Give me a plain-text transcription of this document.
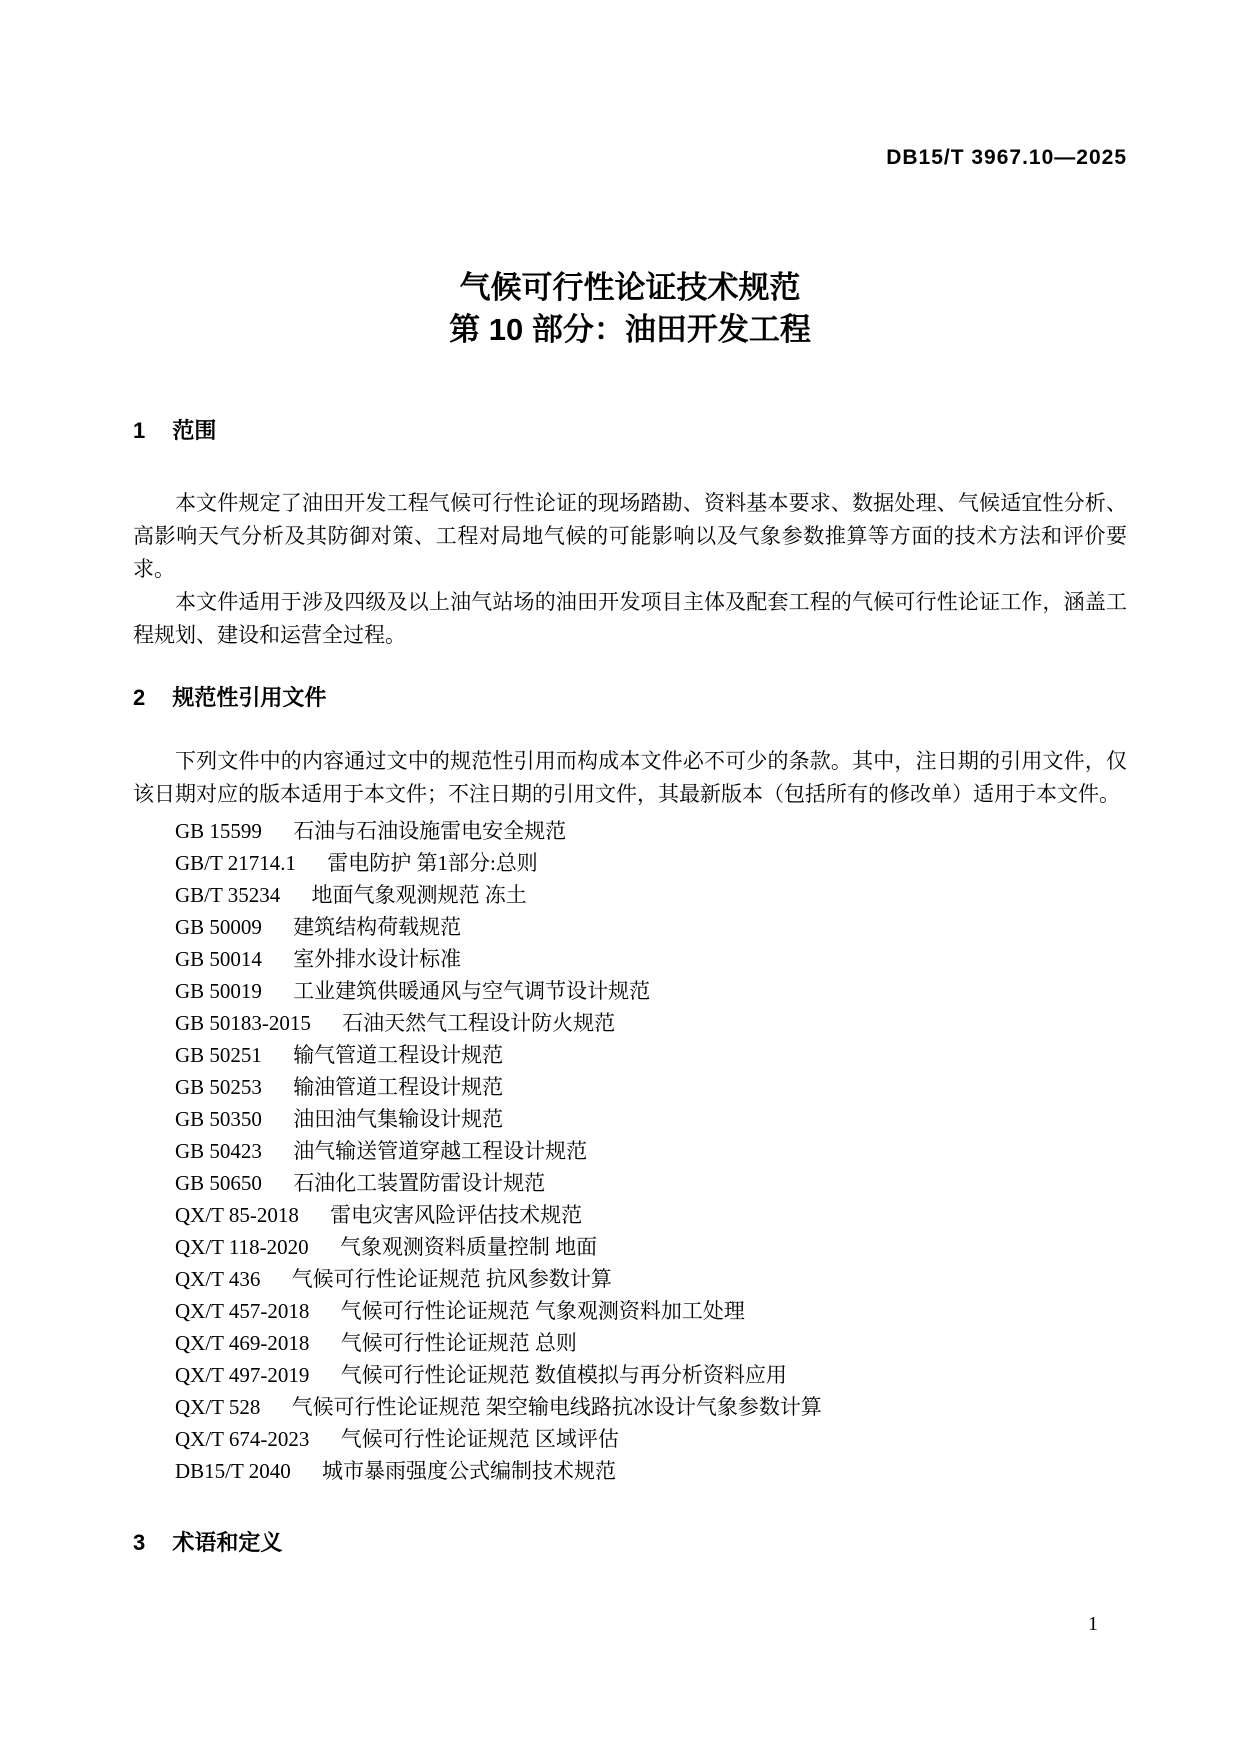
DB15/T 3967.10—2025
气候可行性论证技术规范
第 10 部分：油田开发工程
1 范围

本文件规定了油田开发工程气候可行性论证的现场踏勘、资料基本要求、数据处理、气候适宜性分析、高影响天气分析及其防御对策、工程对局地气候的可能影响以及气象参数推算等方面的技术方法和评价要求。

本文件适用于涉及四级及以上油气站场的油田开发项目主体及配套工程的气候可行性论证工作，涵盖工程规划、建设和运营全过程。

2 规范性引用文件

下列文件中的内容通过文中的规范性引用而构成本文件必不可少的条款。其中，注日期的引用文件，仅该日期对应的版本适用于本文件；不注日期的引用文件，其最新版本（包括所有的修改单）适用于本文件。

GB 15599 石油与石油设施雷电安全规范
GB/T 21714.1 雷电防护 第1部分:总则
GB/T 35234 地面气象观测规范 冻土
GB 50009 建筑结构荷载规范
GB 50014 室外排水设计标准
GB 50019 工业建筑供暖通风与空气调节设计规范
GB 50183-2015 石油天然气工程设计防火规范
GB 50251 输气管道工程设计规范
GB 50253 输油管道工程设计规范
GB 50350 油田油气集输设计规范
GB 50423 油气输送管道穿越工程设计规范
GB 50650 石油化工装置防雷设计规范
QX/T 85-2018 雷电灾害风险评估技术规范
QX/T 118-2020 气象观测资料质量控制 地面
QX/T 436 气候可行性论证规范 抗风参数计算
QX/T 457-2018 气候可行性论证规范 气象观测资料加工处理
QX/T 469-2018 气候可行性论证规范 总则
QX/T 497-2019 气候可行性论证规范 数值模拟与再分析资料应用
QX/T 528 气候可行性论证规范 架空输电线路抗冰设计气象参数计算
QX/T 674-2023 气候可行性论证规范 区域评估
DB15/T 2040 城市暴雨强度公式编制技术规范
3 术语和定义
1
